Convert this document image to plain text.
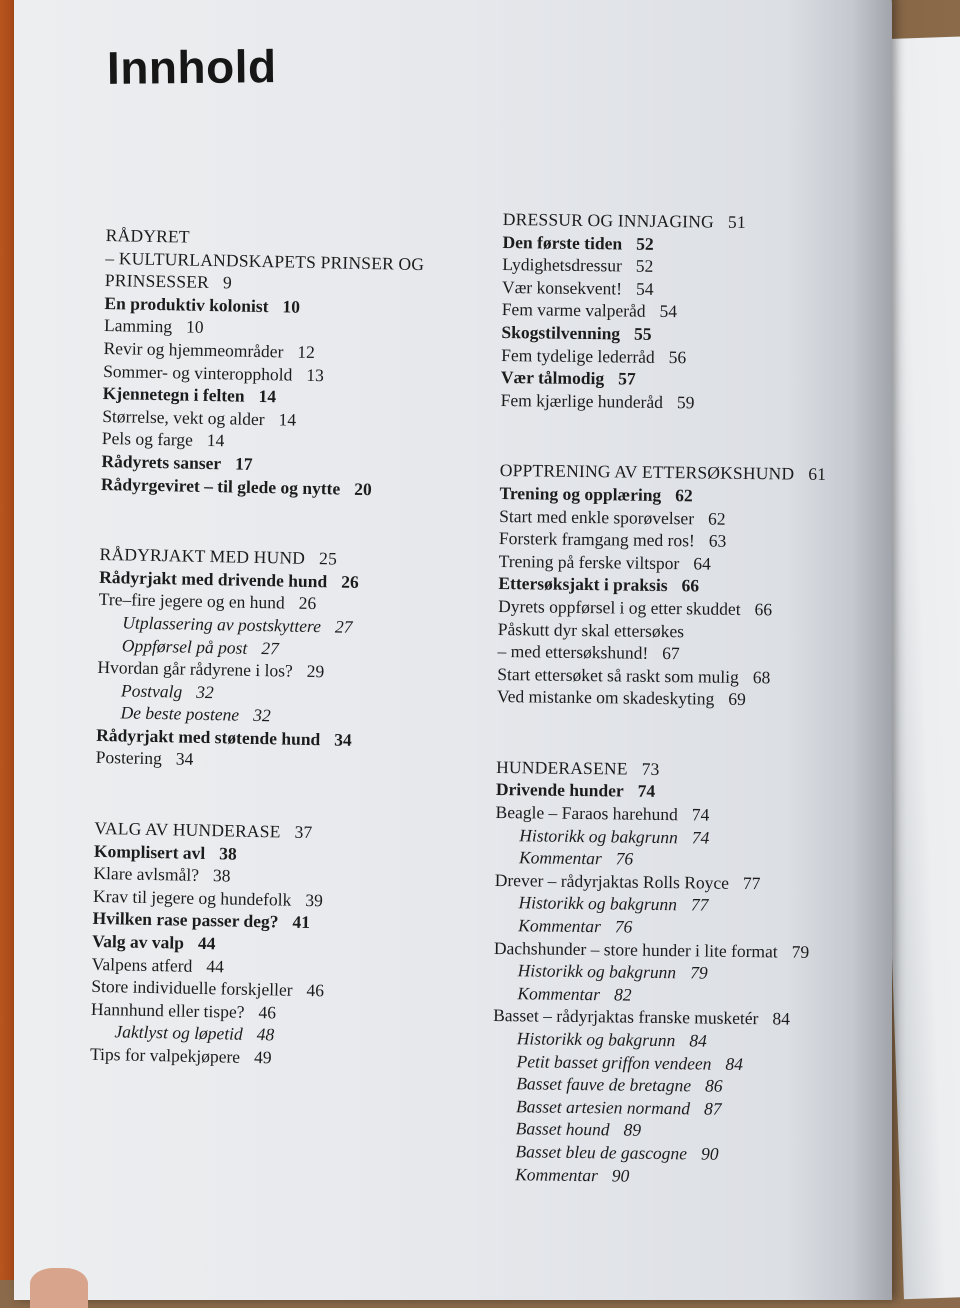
Innhold
RÅDYRET
– KULTURLANDSKAPETS PRINSER OG
PRINSESSER 9
En produktiv kolonist 10
Lamming 10
Revir og hjemmeområder 12
Sommer- og vinteropphold 13
Kjennetegn i felten 14
Størrelse, vekt og alder 14
Pels og farge 14
Rådyrets sanser 17
Rådyrgeviret – til glede og nytte 20
RÅDYRJAKT MED HUND 25
Rådyrjakt med drivende hund 26
Tre–fire jegere og en hund 26
Utplassering av postskyttere 27
Oppførsel på post 27
Hvordan går rådyrene i los? 29
Postvalg 32
De beste postene 32
Rådyrjakt med støtende hund 34
Postering 34
VALG AV HUNDERASE 37
Komplisert avl 38
Klare avlsmål? 38
Krav til jegere og hundefolk 39
Hvilken rase passer deg? 41
Valg av valp 44
Valpens atferd 44
Store individuelle forskjeller 46
Hannhund eller tispe? 46
Jaktlyst og løpetid 48
Tips for valpekjøpere 49
DRESSUR OG INNJAGING 51
Den første tiden 52
Lydighetsdressur 52
Vær konsekvent! 54
Fem varme valperåd 54
Skogstilvenning 55
Fem tydelige lederråd 56
Vær tålmodig 57
Fem kjærlige hunderåd 59
OPPTRENING AV ETTERSØKSHUND 61
Trening og opplæring 62
Start med enkle sporøvelser 62
Forsterk framgang med ros! 63
Trening på ferske viltspor 64
Ettersøksjakt i praksis 66
Dyrets oppførsel i og etter skuddet 66
Påskutt dyr skal ettersøkes
– med ettersøkshund! 67
Start ettersøket så raskt som mulig 68
Ved mistanke om skadeskyting 69
HUNDERASENE 73
Drivende hunder 74
Beagle – Faraos harehund 74
Historikk og bakgrunn 74
Kommentar 76
Drever – rådyrjaktas Rolls Royce 77
Historikk og bakgrunn 77
Kommentar 76
Dachshunder – store hunder i lite format 79
Historikk og bakgrunn 79
Kommentar 82
Basset – rådyrjaktas franske musketér 84
Historikk og bakgrunn 84
Petit basset griffon vendeen 84
Basset fauve de bretagne 86
Basset artesien normand 87
Basset hound 89
Basset bleu de gascogne 90
Kommentar 90
